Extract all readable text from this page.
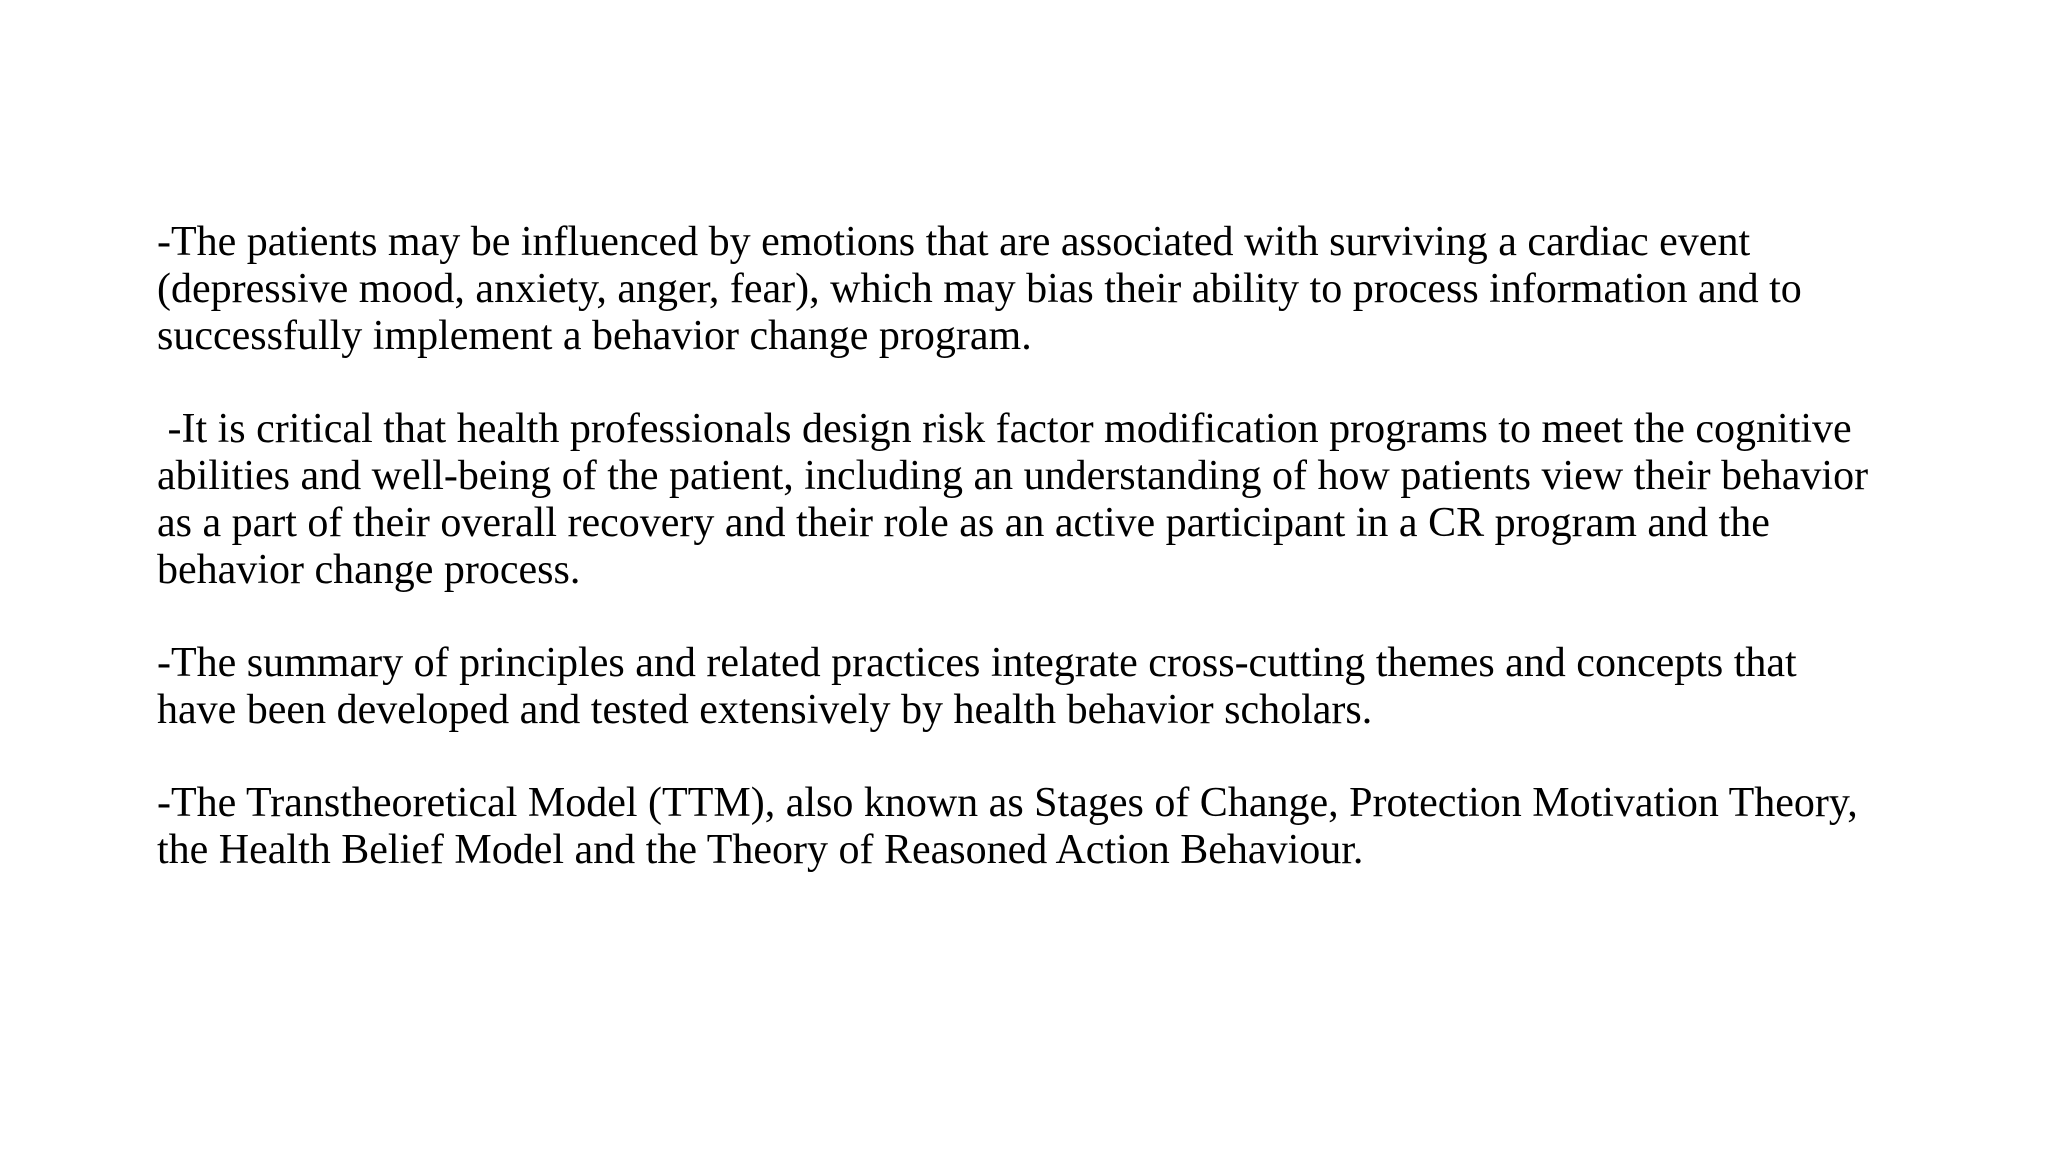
-The patients may be influenced by emotions that are associated with surviving a cardiac event
(depressive mood, anxiety, anger, fear), which may bias their ability to process information and to
successfully implement a behavior change program.

-It is critical that health professionals design risk factor modification programs to meet the cognitive
abilities and well-being of the patient, including an understanding of how patients view their behavior
as a part of their overall recovery and their role as an active participant in a CR program and the
behavior change process.

-The summary of principles and related practices integrate cross-cutting themes and concepts that
have been developed and tested extensively by health behavior scholars.

-The Transtheoretical Model (TTM), also known as Stages of Change, Protection Motivation Theory,
the Health Belief Model and the Theory of Reasoned Action Behaviour.
